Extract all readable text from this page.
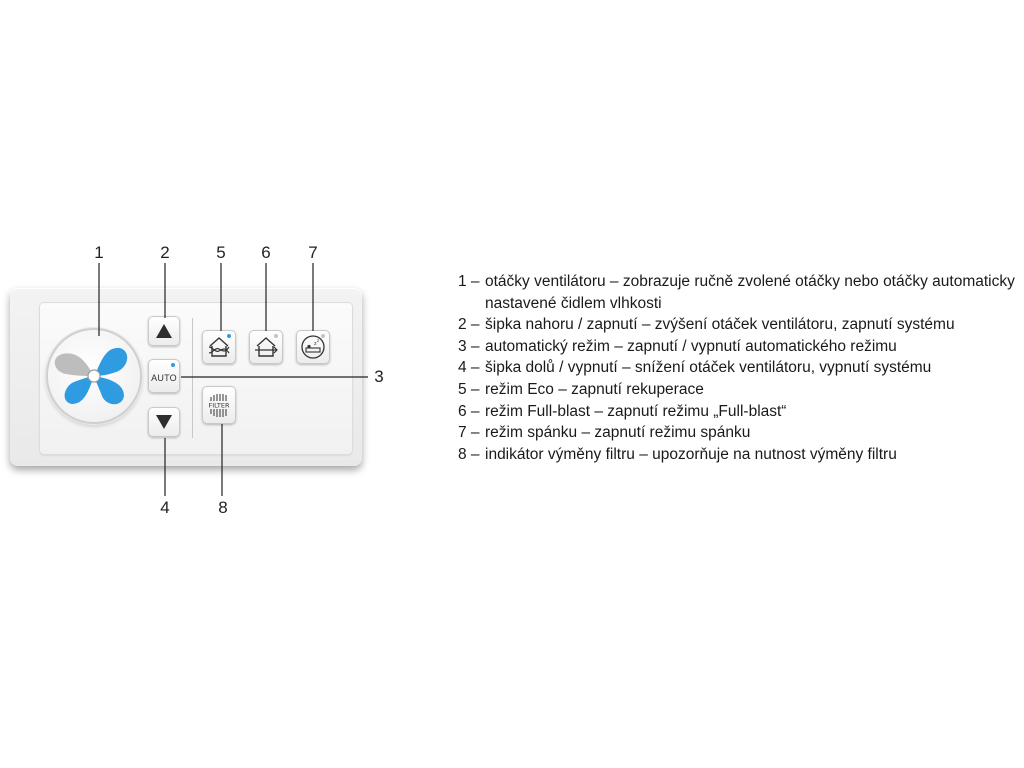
1	2	5	6	7
3
4	8
AUTO
z
z
FILTER
1 – otáčky ventilátoru – zobrazuje ručně zvolené otáčky nebo otáčky automaticky nastavené čidlem vlhkosti
2 – šipka nahoru / zapnutí – zvýšení otáček ventilátoru, zapnutí systému
3 – automatický režim – zapnutí / vypnutí automatického režimu
4 – šipka dolů / vypnutí – snížení otáček ventilátoru, vypnutí systému
5 – režim Eco – zapnutí rekuperace
6 – režim Full-blast – zapnutí režimu „Full-blast“
7 – režim spánku – zapnutí režimu spánku
8 – indikátor výměny filtru – upozorňuje na nutnost výměny filtru
